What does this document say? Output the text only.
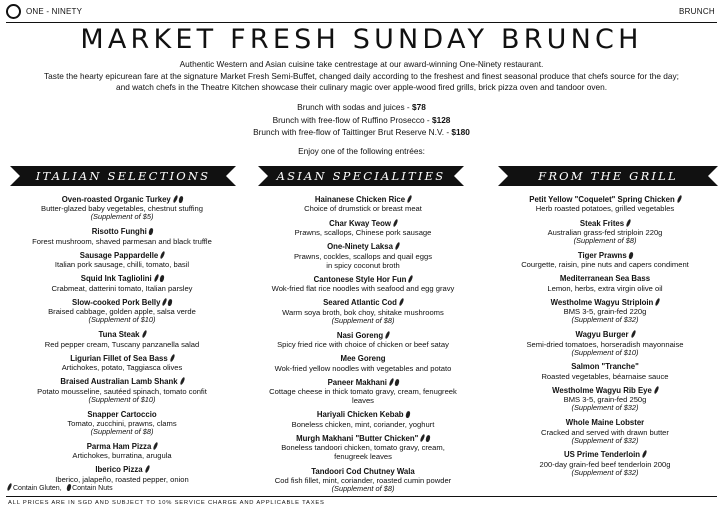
ONE - NINETY	BRUNCH
MARKET FRESH SUNDAY BRUNCH
Authentic Western and Asian cuisine take centrestage at our award-winning One-Ninety restaurant.
Taste the hearty epicurean fare at the signature Market Fresh Semi-Buffet, changed daily according to the freshest and finest seasonal produce that chefs source for the day;
and watch chefs in the Theatre Kitchen showcase their culinary magic over apple-wood fired grills, brick pizza oven and tandoor oven.
Brunch with sodas and juices - $78
Brunch with free-flow of Ruffino Prosecco - $128
Brunch with free-flow of Taittinger Brut Reserve N.V. - $180
Enjoy one of the following entrées:
ITALIAN SELECTIONS	ASIAN SPECIALITIES	FROM THE GRILL
Oven-roasted Organic Turkey
Butter-glazed baby vegetables, chestnut stuffing
(Supplement of $5)
Risotto Funghi
Forest mushroom, shaved parmesan and black truffle
Sausage Pappardelle
Italian pork sausage, chilli, tomato, basil
Squid Ink Tagliolini
Crabmeat, datterini tomato, Italian parsley
Slow-cooked Pork Belly
Braised cabbage, golden apple, salsa verde
(Supplement of $10)
Tuna Steak
Red pepper cream, Tuscany panzanella salad
Ligurian Fillet of Sea Bass
Artichokes, potato, Taggiasca olives
Braised Australian Lamb Shank
Potato mousseline, sautéed spinach, tomato confit
(Supplement of $10)
Snapper Cartoccio
Tomato, zucchini, prawns, clams
(Supplement of $8)
Parma Ham Pizza
Artichokes, burratina, arugula
Iberico Pizza
Iberico, jalapeño, roasted pepper, onion
Hainanese Chicken Rice
Choice of drumstick or breast meat
Char Kway Teow
Prawns, scallops, Chinese pork sausage
One-Ninety Laksa
Prawns, cockles, scallops and quail eggs
in spicy coconut broth
Cantonese Style Hor Fun
Wok-fried flat rice noodles with seafood and egg gravy
Seared Atlantic Cod
Warm soya broth, bok choy, shitake mushrooms
(Supplement of $8)
Nasi Goreng
Spicy fried rice with choice of chicken or beef satay
Mee Goreng
Wok-fried yellow noodles with vegetables and potato
Paneer Makhani
Cottage cheese in thick tomato gravy, cream, fenugreek
leaves
Hariyali Chicken Kebab
Boneless chicken, mint, coriander, yoghurt
Murgh Makhani "Butter Chicken"
Boneless tandoori chicken, tomato gravy, cream,
fenugreek leaves
Tandoori Cod Chutney Wala
Cod fish fillet, mint, coriander, roasted cumin powder
(Supplement of $8)
Petit Yellow "Coquelet" Spring Chicken
Herb roasted potatoes, grilled vegetables
Steak Frites
Australian grass-fed striploin 220g
(Supplement of $8)
Tiger Prawns
Courgette, raisin, pine nuts and capers condiment
Mediterranean Sea Bass
Lemon, herbs, extra virgin olive oil
Westholme Wagyu Striploin
BMS 3-5, grain-fed 220g
(Supplement of $32)
Wagyu Burger
Semi-dried tomatoes, horseradish mayonnaise
(Supplement of $10)
Salmon "Tranche"
Roasted vegetables, béarnaise sauce
Westholme Wagyu Rib Eye
BMS 3-5, grain-fed 250g
(Supplement of $32)
Whole Maine Lobster
Cracked and served with drawn butter
(Supplement of $32)
US Prime Tenderloin
200-day grain-fed beef tenderloin 200g
(Supplement of $32)
Contain Gluten, Contain Nuts
ALL PRICES ARE IN SGD AND SUBJECT TO 10% SERVICE CHARGE AND APPLICABLE TAXES
